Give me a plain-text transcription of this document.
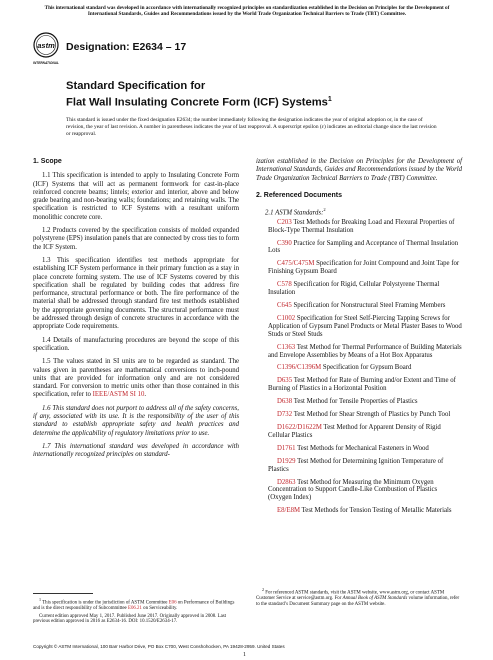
This international standard was developed in accordance with internationally recognized principles on standardization established in the Decision on Principles for the Development of International Standards, Guides and Recommendations issued by the World Trade Organization Technical Barriers to Trade (TBT) Committee.
astm
INTERNATIONAL
Designation: E2634 – 17
Standard Specification for
Flat Wall Insulating Concrete Form (ICF) Systems$^1$
This standard is issued under the fixed designation E2634; the number immediately following the designation indicates the year of original adoption or, in the case of revision, the year of last revision. A number in parentheses indicates the year of last reapproval. A superscript epsilon (ε) indicates an editorial change since the last revision or reapproval.

1. Scope

1.1 This specification is intended to apply to Insulating Concrete Form (ICF) Systems that will act as permanent formwork for cast-in-place reinforced concrete beams; lintels; exterior and interior, above and below grade bearing and non-bearing walls; foundations; and retaining walls. The specification is restricted to ICF Systems with a resultant uniform monolithic concrete core.

1.2 Products covered by the specification consists of molded expanded polystyrene (EPS) insulation panels that are connected by cross ties to form the ICF System.

1.3 This specification identifies test methods appropriate for establishing ICF System performance in their primary function as a stay in place concrete forming system. The use of ICF Systems covered by this specification shall be regulated by building codes that address fire performance, structural performance or both. The fire performance of the material shall be addressed through standard fire test methods established by the appropriate governing documents. The structural performance must be addressed through design of concrete structures in accordance with the appropriate Code requirements.

1.4 Details of manufacturing procedures are beyond the scope of this specification.

1.5 The values stated in SI units are to be regarded as standard. The values given in parentheses are mathematical conversions to inch-pound units that are provided for information only and are not considered standard. For conversion to metric units other than those contained in this specification, refer to IEEE/ASTM SI 10.

1.6 This standard does not purport to address all of the safety concerns, if any, associated with its use. It is the responsibility of the user of this standard to establish appropriate safety and health practices and determine the applicability of regulatory limitations prior to use.

1.7 This international standard was developed in accordance with internationally recognized principles on standard-

ization established in the Decision on Principles for the Development of International Standards, Guides and Recommendations issued by the World Trade Organization Technical Barriers to Trade (TBT) Committee.

2. Referenced Documents

2.1 ASTM Standards:$^2$

C203 Test Methods for Breaking Load and Flexural Properties of Block-Type Thermal Insulation

C390 Practice for Sampling and Acceptance of Thermal Insulation Lots

C475/C475M Specification for Joint Compound and Joint Tape for Finishing Gypsum Board

C578 Specification for Rigid, Cellular Polystyrene Thermal Insulation

C645 Specification for Nonstructural Steel Framing Members

C1002 Specification for Steel Self-Piercing Tapping Screws for Application of Gypsum Panel Products or Metal Plaster Bases to Wood Studs or Steel Studs

C1363 Test Method for Thermal Performance of Building Materials and Envelope Assemblies by Means of a Hot Box Apparatus

C1396/C1396M Specification for Gypsum Board

D635 Test Method for Rate of Burning and/or Extent and Time of Burning of Plastics in a Horizontal Position

D638 Test Method for Tensile Properties of Plastics

D732 Test Method for Shear Strength of Plastics by Punch Tool

D1622/D1622M Test Method for Apparent Density of Rigid Cellular Plastics

D1761 Test Methods for Mechanical Fasteners in Wood

D1929 Test Method for Determining Ignition Temperature of Plastics

D2863 Test Method for Measuring the Minimum Oxygen Concentration to Support Candle-Like Combustion of Plastics (Oxygen Index)

E8/E8M Test Methods for Tension Testing of Metallic Materials

$^1$ This specification is under the jurisdiction of ASTM Committee E06 on Performance of Buildings and is the direct responsibility of Subcommittee E06.21 on Serviceability.

Current edition approved May 1, 2017. Published June 2017. Originally approved in 2008. Last previous edition approved in 2016 as E2634-16. DOI: 10.1520/E2634-17.

$^2$ For referenced ASTM standards, visit the ASTM website, www.astm.org, or contact ASTM Customer Service at service@astm.org. For Annual Book of ASTM Standards volume information, refer to the standard’s Document Summary page on the ASTM website.

Copyright © ASTM International, 100 Barr Harbor Drive, PO Box C700, West Conshohocken, PA 19428-2959. United States
1
